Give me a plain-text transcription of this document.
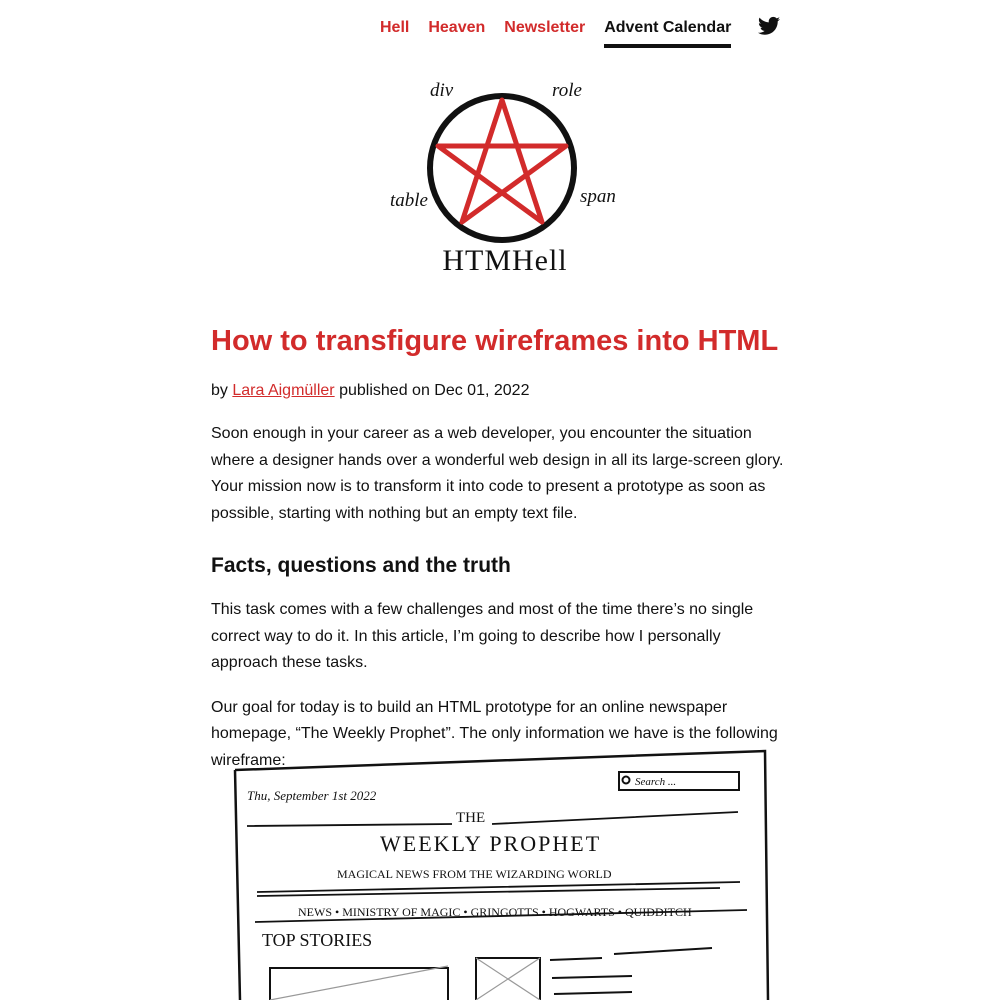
Hell Heaven Newsletter Advent Calendar
div	role
table	span
HTMHell
How to transfigure wireframes into HTML
by Lara Aigmüller published on Dec 01, 2022

Soon enough in your career as a web developer, you encounter the situation where a designer hands over a wonderful web design in all its large-screen glory. Your mission now is to transform it into code to present a prototype as soon as possible, starting with nothing but an empty text file.

Facts, questions and the truth

This task comes with a few challenges and most of the time there’s no single correct way to do it. In this article, I’m going to describe how I personally approach these tasks.

Our goal for today is to build an HTML prototype for an online newspaper homepage, “The Weekly Prophet”. The only information we have is the following wireframe:

Thu, September 1st 2022
Search ...
THE
WEEKLY PROPHET
MAGICAL NEWS FROM THE WIZARDING WORLD
NEWS • MINISTRY OF MAGIC • GRINGOTTS • HOGWARTS • QUIDDITCH
TOP STORIES
